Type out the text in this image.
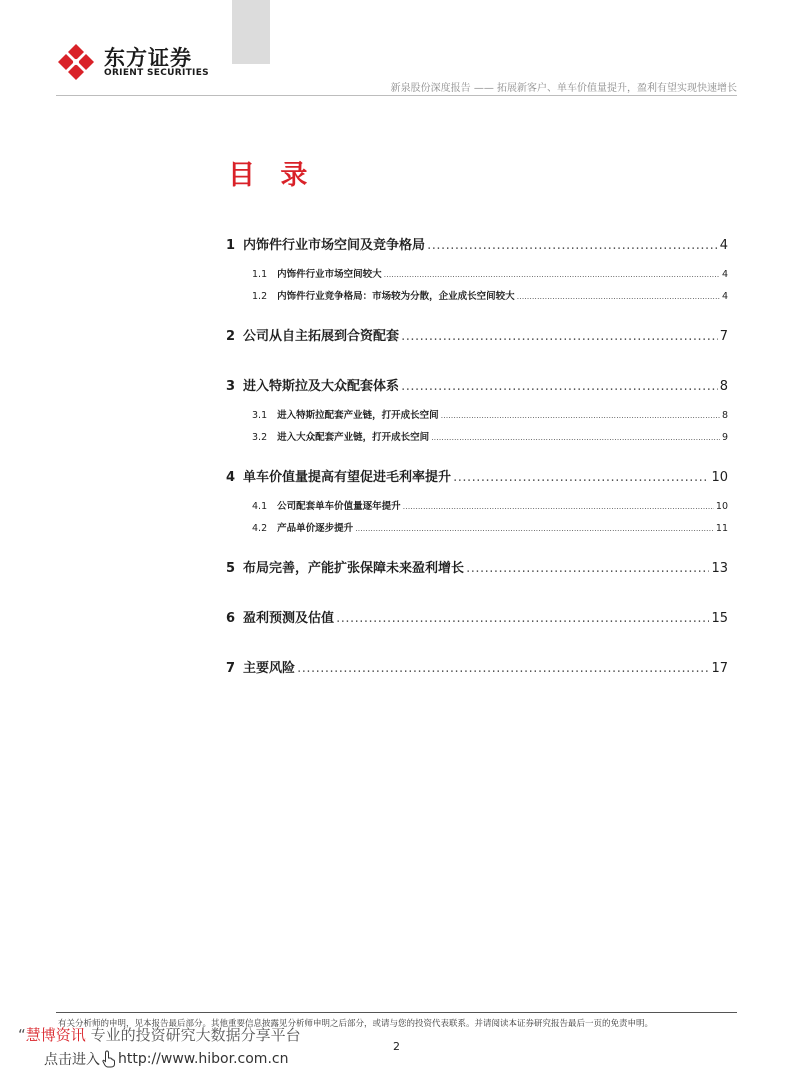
东方证券
ORIENT SECURITIES
新泉股份深度报告 —— 拓展新客户、单车价值量提升，盈利有望实现快速增长
目 录
1 内饰件行业市场空间及竞争格局 .....	4
1.1 内饰件行业市场空间较大 .....	4
1.2 内饰件行业竞争格局：市场较为分散，企业成长空间较大 .....	4
2 公司从自主拓展到合资配套 .....	7
3 进入特斯拉及大众配套体系 .....	8
3.1 进入特斯拉配套产业链，打开成长空间 .....	8
3.2 进入大众配套产业链，打开成长空间 .....	9
4 单车价值量提高有望促进毛利率提升 .....	10
4.1 公司配套单车价值量逐年提升 .....	10
4.2 产品单价逐步提升 .....	11
5 布局完善，产能扩张保障未来盈利增长 .....	13
6 盈利预测及估值 .....	15
7 主要风险 .....	17
有关分析师的申明，见本报告最后部分。其他重要信息披露见分析师申明之后部分，或请与您的投资代表联系。并请阅读本证券研究报告最后一页的免责申明。
“慧博资讯 专业的投资研究大数据分享平台
点击进入 http://www.hibor.com.cn
2
